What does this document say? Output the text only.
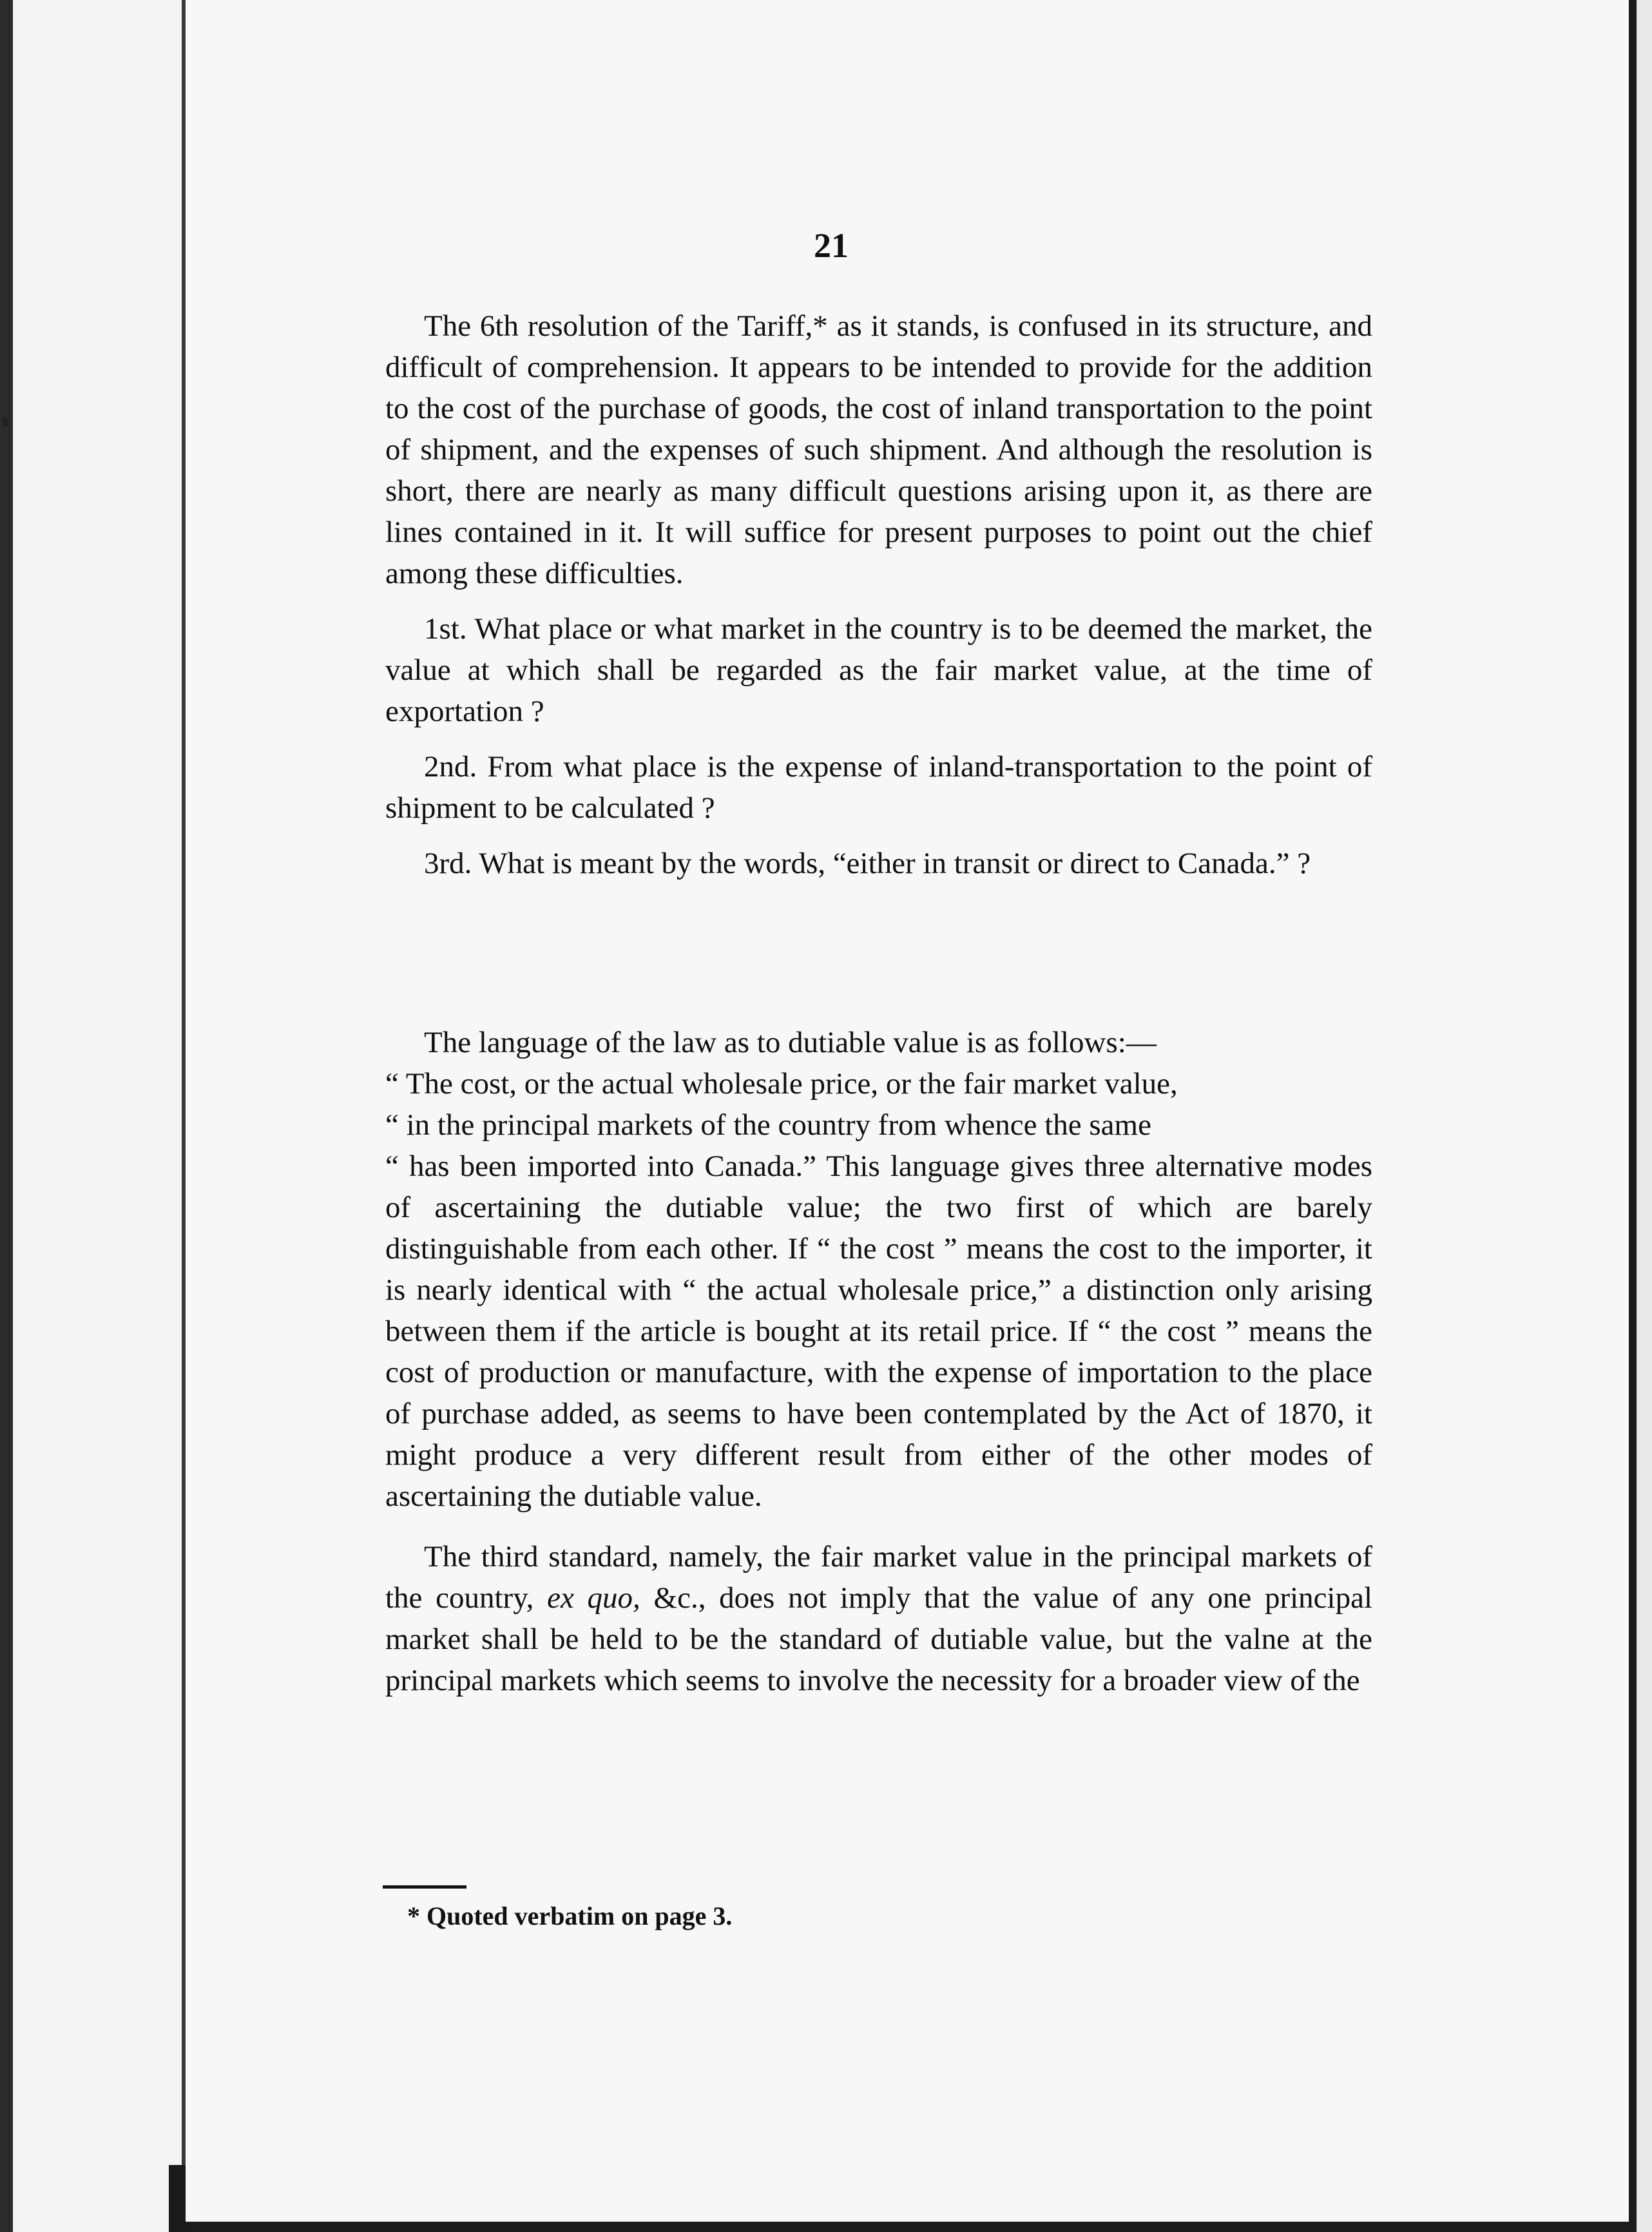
21

The 6th resolution of the Tariff,* as it stands, is confused in its structure, and difficult of comprehension. It appears to be intended to provide for the addition to the cost of the purchase of goods, the cost of inland transportation to the point of shipment, and the expenses of such shipment. And although the resolution is short, there are nearly as many difficult questions arising upon it, as there are lines contained in it. It will suffice for present purposes to point out the chief among these difficulties.

1st. What place or what market in the country is to be deemed the market, the value at which shall be regarded as the fair market value, at the time of exportation ?

2nd. From what place is the expense of inland-transportation to the point of shipment to be calculated ?

3rd. What is meant by the words, “either in transit or direct to Canada.” ?

The language of the law as to dutiable value is as follows:—

“ The cost, or the actual wholesale price, or the fair market value,
“ in the principal markets of the country from whence the same

“ has been imported into Canada.” This language gives three alternative modes of ascertaining the dutiable value; the two first of which are barely distinguishable from each other. If “ the cost ” means the cost to the importer, it is nearly identical with “ the actual wholesale price,” a distinction only arising between them if the article is bought at its retail price. If “ the cost ” means the cost of production or manufacture, with the expense of importation to the place of purchase added, as seems to have been contemplated by the Act of 1870, it might produce a very different result from either of the other modes of ascertaining the dutiable value.

The third standard, namely, the fair market value in the principal markets of the country, ex quo, &c., does not imply that the value of any one principal market shall be held to be the standard of dutiable value, but the valne at the principal markets which seems to involve the necessity for a broader view of the

* Quoted verbatim on page 3.
